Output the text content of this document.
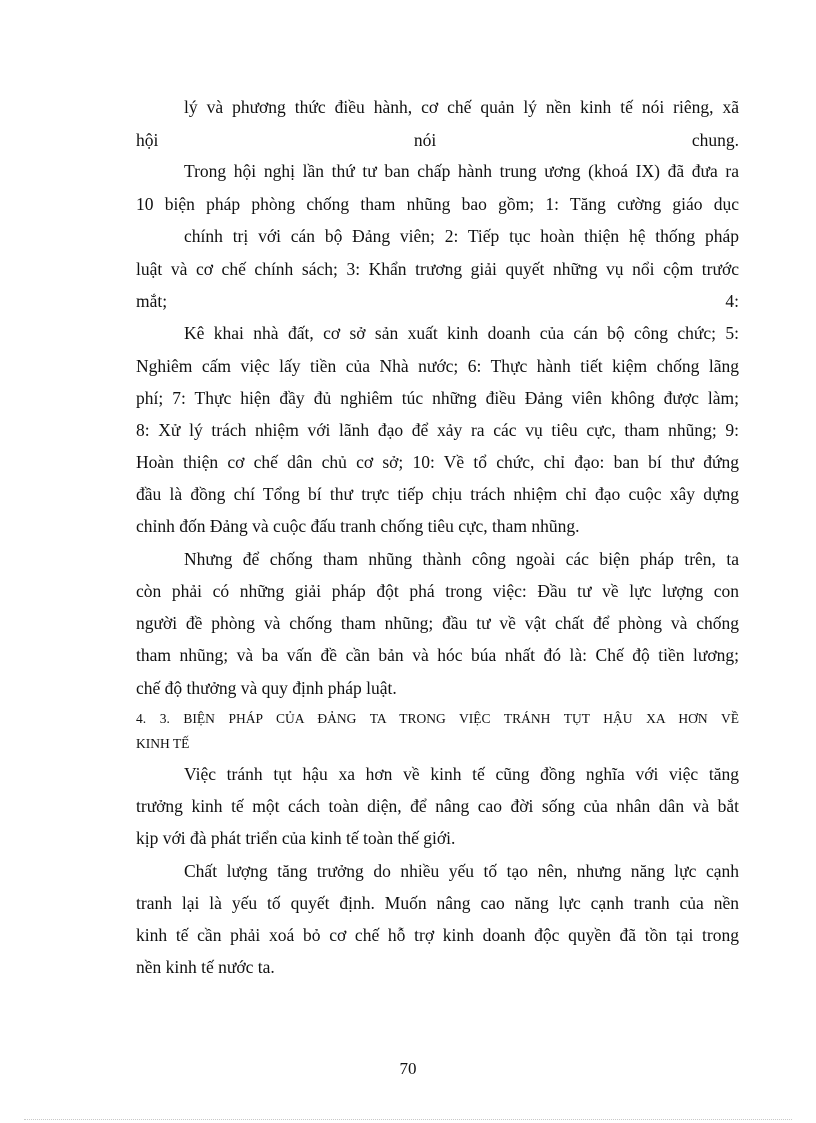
lý và phương thức điều hành, cơ chế quản lý nền kinh tế nói riêng, xã
hội nói chung.
Trong hội nghị lần thứ tư ban chấp hành trung ương (khoá IX) đã đưa ra
10 biện pháp phòng chống tham nhũng bao gồm; 1: Tăng cường giáo dục
chính trị với cán bộ Đảng viên; 2: Tiếp tục hoàn thiện hệ thống pháp
luật và cơ chế chính sách; 3: Khẩn trương giải quyết những vụ nổi cộm trước
mắt; 4:
Kê khai nhà đất, cơ sở sản xuất kinh doanh của cán bộ công chức; 5:
Nghiêm cấm việc lấy tiền của Nhà nước; 6: Thực hành tiết kiệm chống lãng
phí; 7: Thực hiện đầy đủ nghiêm túc những điều Đảng viên không được làm;
8: Xử lý trách nhiệm với lãnh đạo để xảy ra các vụ tiêu cực, tham nhũng; 9:
Hoàn thiện cơ chế dân chủ cơ sở; 10: Về tổ chức, chỉ đạo: ban bí thư đứng
đầu là đồng chí Tổng bí thư trực tiếp chịu trách nhiệm chỉ đạo cuộc xây dựng
chỉnh đốn Đảng và cuộc đấu tranh chống tiêu cực, tham nhũng.
Nhưng để chống tham nhũng thành công ngoài các biện pháp trên, ta
còn phải có những giải pháp đột phá trong việc: Đầu tư về lực lượng con
người đề phòng và chống tham nhũng; đầu tư về vật chất để phòng và chống
tham nhũng; và ba vấn đề cần bản và hóc búa nhất đó là: Chế độ tiền lương;
chế độ thưởng và quy định pháp luật.
4. 3. BIỆN PHÁP CỦA ĐẢNG TA TRONG VIỆC TRÁNH TỤT HẬU XA HƠN VỀ
KINH TẾ
Việc tránh tụt hậu xa hơn về kinh tế cũng đồng nghĩa với việc tăng
trưởng kinh tế một cách toàn diện, để nâng cao đời sống của nhân dân và bắt
kịp với đà phát triển của kinh tế toàn thế giới.
Chất lượng tăng trưởng do nhiều yếu tố tạo nên, nhưng năng lực cạnh
tranh lại là yếu tố quyết định. Muốn nâng cao năng lực cạnh tranh của nền
kinh tế cần phải xoá bỏ cơ chế hỗ trợ kinh doanh độc quyền đã tồn tại trong
nền kinh tế nước ta.
70
